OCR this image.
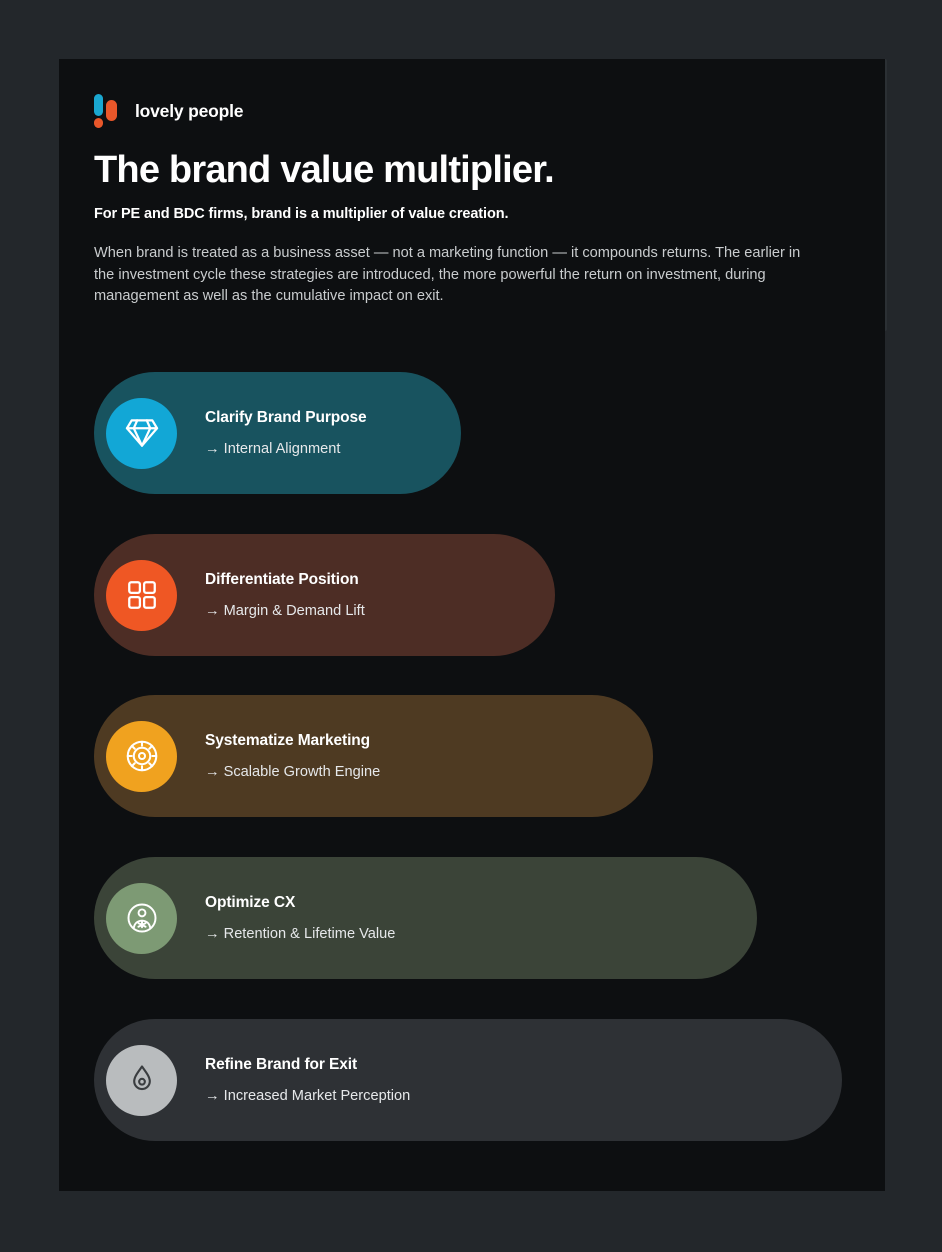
lovely people
The brand value multiplier.
For PE and BDC firms, brand is a multiplier of value creation.

When brand is treated as a business asset — not a marketing function — it compounds returns. The earlier in the investment cycle these strategies are introduced, the more powerful the return on investment, during management as well as the cumulative impact on exit.

Clarify Brand Purpose

→ Internal Alignment

Differentiate Position

→ Margin & Demand Lift

Systematize Marketing

→ Scalable Growth Engine

Optimize CX

→ Retention & Lifetime Value

Refine Brand for Exit

→ Increased Market Perception
